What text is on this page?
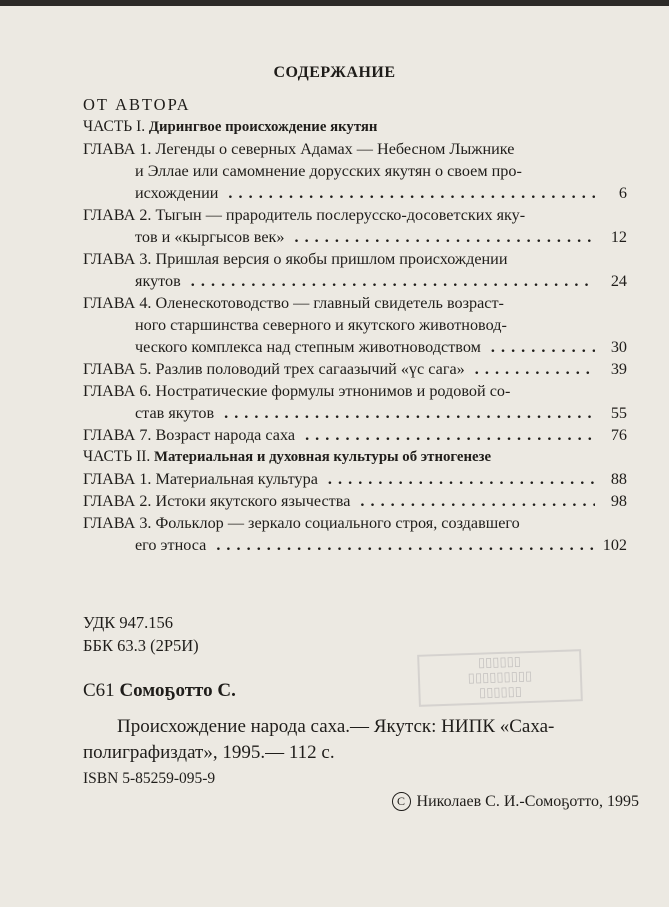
СОДЕРЖАНИЕ
ОТ АВТОРА
ЧАСТЬ I. Дирингвое происхождение якутян
ГЛАВА 1. Легенды о северных Адамах — Небесном Лыжнике
и Эллае или самомнение дорусских якутян о своем про-
исхождении . .	6
ГЛАВА 2. Тыгын — прародитель послерусско-досоветских яку-
тов и «кыргысов век» . .	12
ГЛАВА 3. Пришлая версия о якобы пришлом происхождении
якутов . .	24
ГЛАВА 4. Оленескотоводство — главный свидетель возраст-
ного старшинства северного и якутского животновод-
ческого комплекса над степным животноводством . .	30
ГЛАВА 5. Разлив половодий трех сагаазычий «үс сага» . .	39
ГЛАВА 6. Ностратические формулы этнонимов и родовой со-
став якутов . .	55
ГЛАВА 7. Возраст народа саха . .	76
ЧАСТЬ II. Материальная и духовная культуры об этногенезе
ГЛАВА 1. Материальная культура . .	88
ГЛАВА 2. Истоки якутского язычества . .	98
ГЛАВА 3. Фольклор — зеркало социального строя, создавшего
его этноса . .	102
УДК 947.156
ББК 63.3 (2Р5И)
▯▯▯▯▯▯
▯▯▯▯▯▯▯▯▯
▯▯▯▯▯▯
С61 Сомоҕотто С.
Происхождение народа саха.— Якутск: НИПК «Саха-
полиграфиздат», 1995.— 112 с.
ISBN 5-85259-095-9
C Николаев С. И.-Сомоҕотто, 1995
